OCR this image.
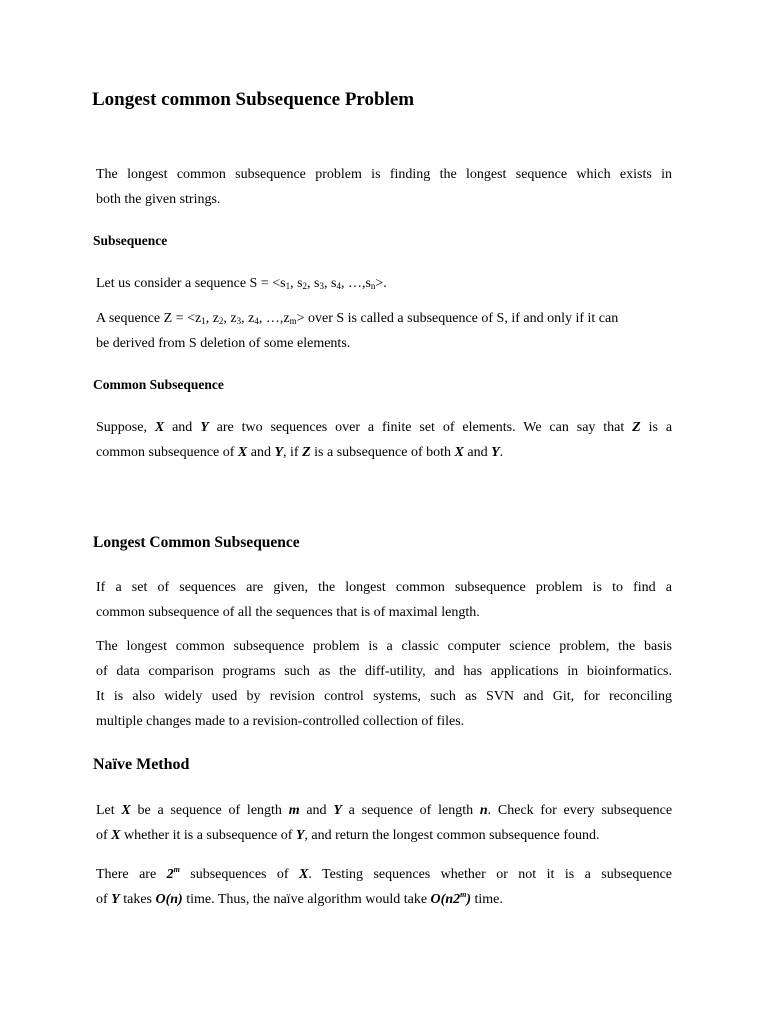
Longest common Subsequence Problem

The longest common subsequence problem is finding the longest sequence which exists in
both the given strings.

Subsequence

Let us consider a sequence $S = <s_1$, $s_2$, $s_3$, $s_4$, $\dots,s_n>$.

A sequence $Z = <z_1$, $z_2$, $z_3$, $z_4$, $\dots,z_m>$ over S is called a subsequence of S, if and only if it can
be derived from S deletion of some elements.

Common Subsequence

Suppose, X and Y are two sequences over a finite set of elements. We can say that Z is a
common subsequence of X and Y, if Z is a subsequence of both X and Y.

Longest Common Subsequence

If a set of sequences are given, the longest common subsequence problem is to find a
common subsequence of all the sequences that is of maximal length.

The longest common subsequence problem is a classic computer science problem, the basis
of data comparison programs such as the diff-utility, and has applications in bioinformatics.
It is also widely used by revision control systems, such as SVN and Git, for reconciling
multiple changes made to a revision-controlled collection of files.

Naïve Method

Let X be a sequence of length m and Y a sequence of length n. Check for every subsequence
of X whether it is a subsequence of Y, and return the longest common subsequence found.

There are 2$^m$ subsequences of X. Testing sequences whether or not it is a subsequence
of Y takes O(n) time. Thus, the naïve algorithm would take O(n2$^m$) time.
